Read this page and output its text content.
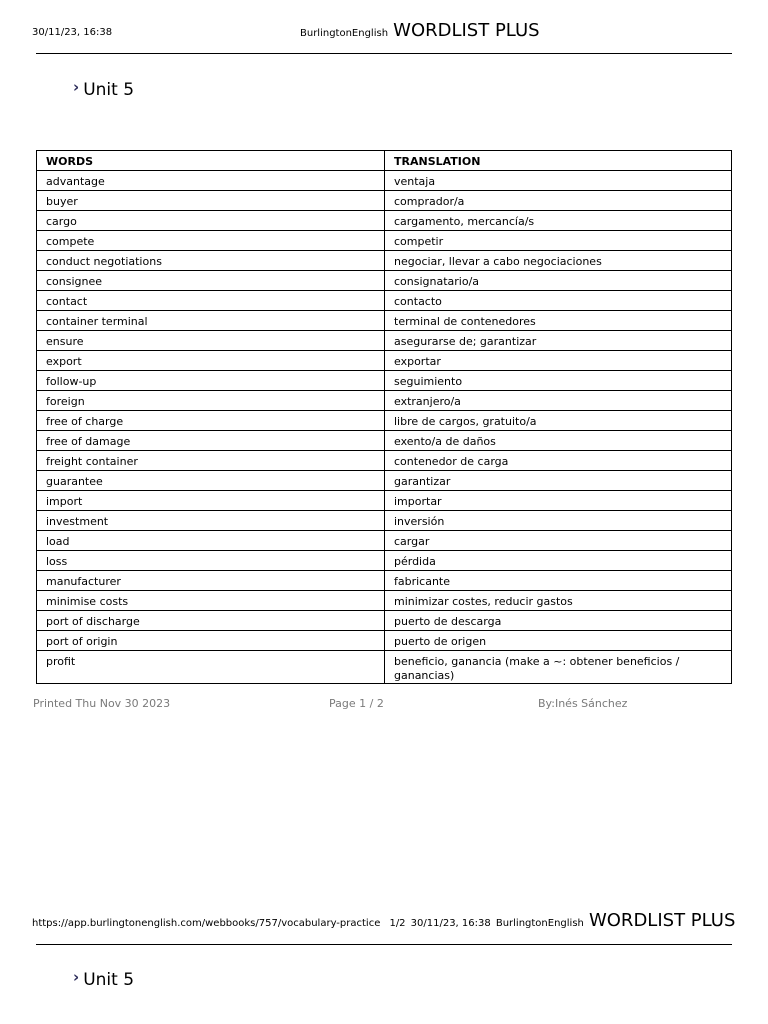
30/11/23, 16:38	BurlingtonEnglish WORDLIST PLUS
› Unit 5
WORDS	TRANSLATION
advantage	ventaja
buyer	comprador/a
cargo	cargamento, mercancía/s
compete	competir
conduct negotiations	negociar, llevar a cabo negociaciones
consignee	consignatario/a
contact	contacto
container terminal	terminal de contenedores
ensure	asegurarse de; garantizar
export	exportar
follow-up	seguimiento
foreign	extranjero/a
free of charge	libre de cargos, gratuito/a
free of damage	exento/a de daños
freight container	contenedor de carga
guarantee	garantizar
import	importar
investment	inversión
load	cargar
loss	pérdida
manufacturer	fabricante
minimise costs	minimizar costes, reducir gastos
port of discharge	puerto de descarga
port of origin	puerto de origen
profit	beneficio, ganancia (make a ~: obtener beneficios / ganancias)
Printed Thu Nov 30 2023	Page 1 / 2	By:Inés Sánchez
https://app.burlingtonenglish.com/webbooks/757/vocabulary-practice 1/2 30/11/23, 16:38 BurlingtonEnglish WORDLIST PLUS
› Unit 5
